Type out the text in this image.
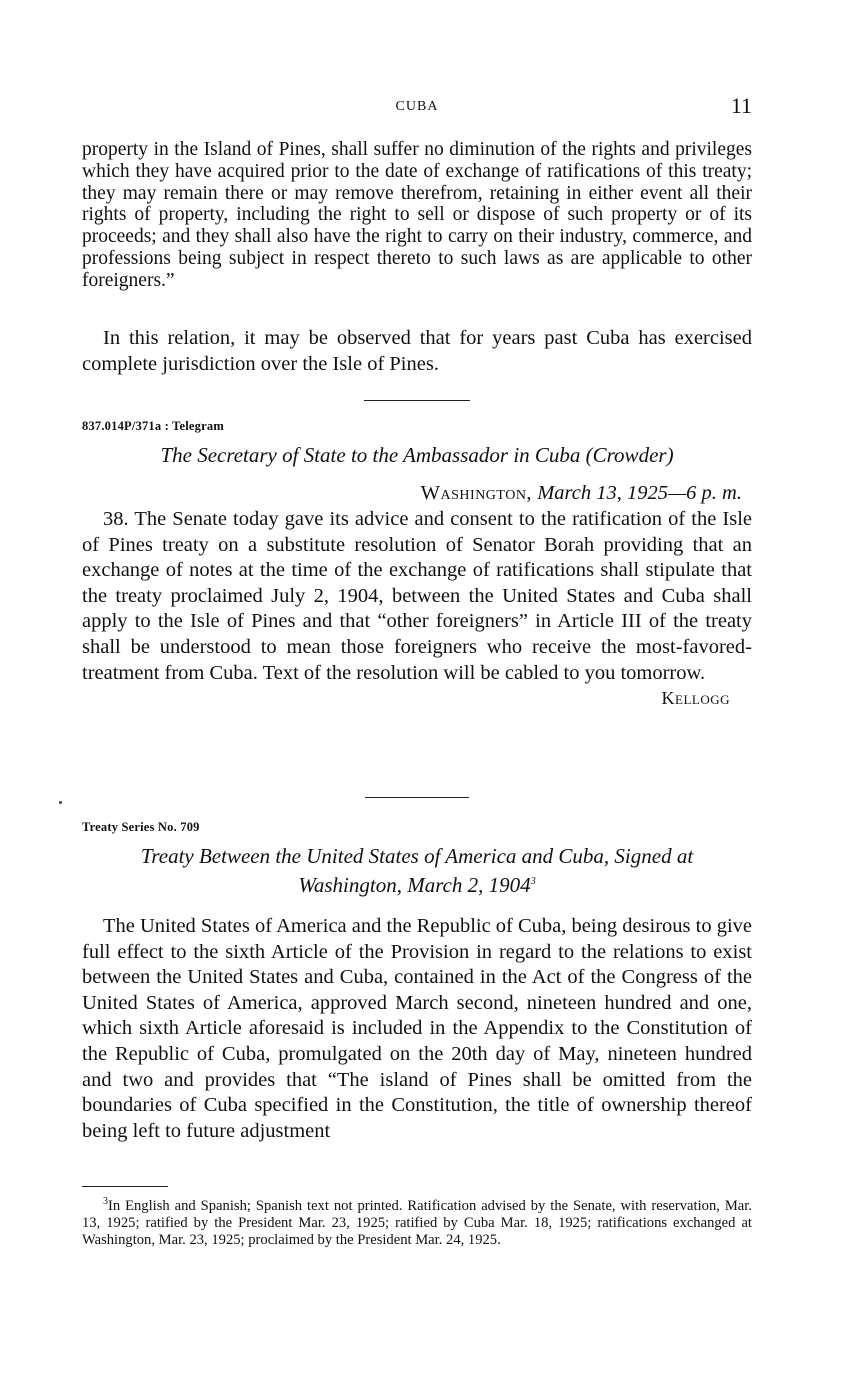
CUBA	11

property in the Island of Pines, shall suffer no diminution of the rights and privileges which they have acquired prior to the date of exchange of ratifications of this treaty; they may remain there or may remove therefrom, retaining in either event all their rights of property, including the right to sell or dispose of such property or of its proceeds; and they shall also have the right to carry on their industry, commerce, and professions being subject in respect thereto to such laws as are applicable to other foreigners.”

In this relation, it may be observed that for years past Cuba has exercised complete jurisdiction over the Isle of Pines.

837.014P/371a : Telegram
The Secretary of State to the Ambassador in Cuba (Crowder)
Washington, March 13, 1925—6 p. m.

38. The Senate today gave its advice and consent to the ratification of the Isle of Pines treaty on a substitute resolution of Senator Borah providing that an exchange of notes at the time of the exchange of ratifications shall stipulate that the treaty proclaimed July 2, 1904, between the United States and Cuba shall apply to the Isle of Pines and that “other foreigners” in Article III of the treaty shall be understood to mean those foreigners who receive the most-favored-treatment from Cuba. Text of the resolution will be cabled to you tomorrow.

Kellogg
Treaty Series No. 709
Treaty Between the United States of America and Cuba, Signed at
Washington, March 2, 1904$^3$

The United States of America and the Republic of Cuba, being desirous to give full effect to the sixth Article of the Provision in regard to the relations to exist between the United States and Cuba, contained in the Act of the Congress of the United States of America, approved March second, nineteen hundred and one, which sixth Article aforesaid is included in the Appendix to the Constitution of the Republic of Cuba, promulgated on the 20th day of May, nineteen hundred and two and provides that “The island of Pines shall be omitted from the boundaries of Cuba specified in the Constitution, the title of ownership thereof being left to future adjustment

$^3$In English and Spanish; Spanish text not printed. Ratification advised by the Senate, with reservation, Mar. 13, 1925; ratified by the President Mar. 23, 1925; ratified by Cuba Mar. 18, 1925; ratifications exchanged at Washington, Mar. 23, 1925; proclaimed by the President Mar. 24, 1925.
